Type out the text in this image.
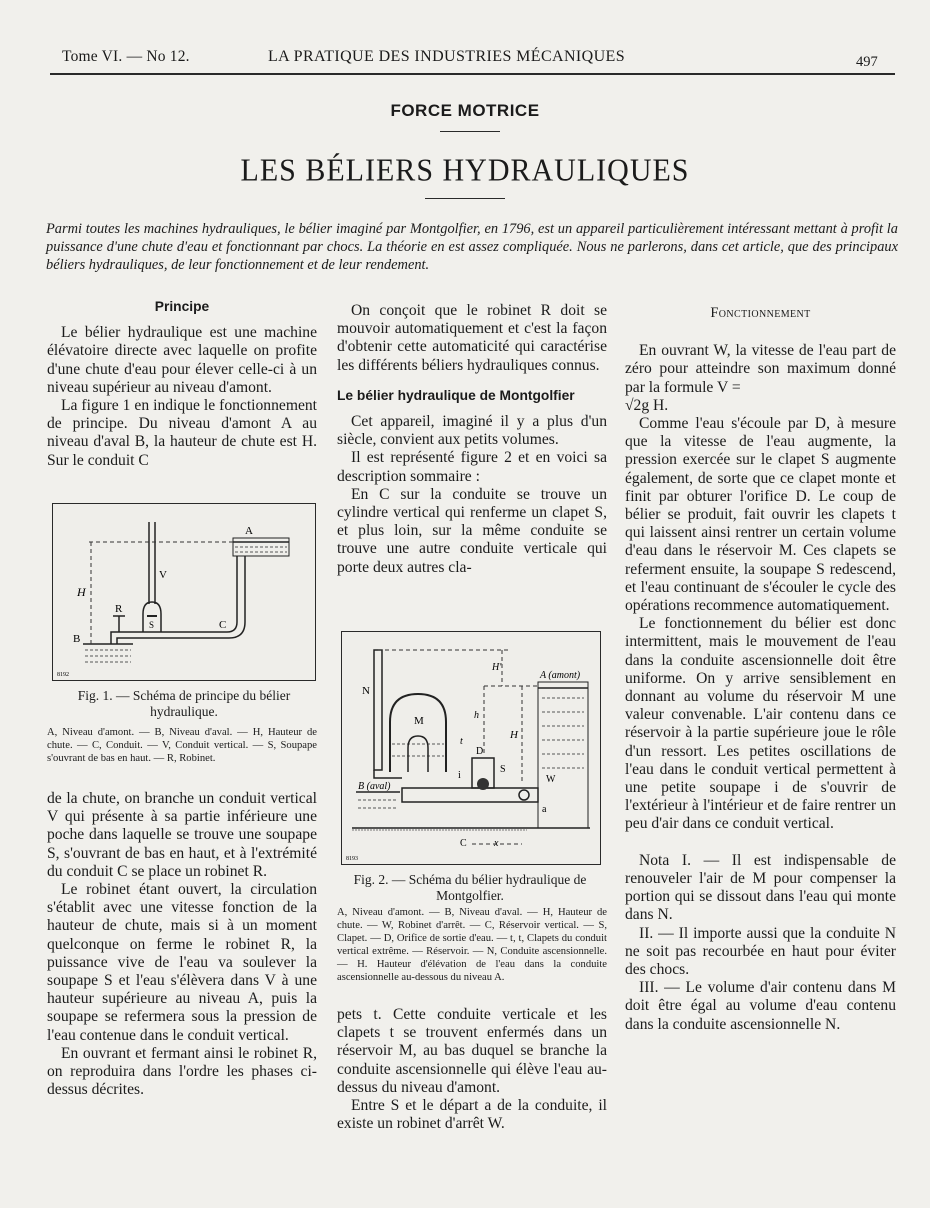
Tome VI. — No 12.	LA PRATIQUE DES INDUSTRIES MÉCANIQUES	497
FORCE MOTRICE
LES BÉLIERS HYDRAULIQUES
Parmi toutes les machines hydrauliques, le bélier imaginé par Montgolfier, en 1796, est un appareil particulièrement intéressant mettant à profit la puissance d'une chute d'eau et fonctionnant par chocs. La théorie en est assez compliquée. Nous ne parlerons, dans cet article, que des principaux béliers hydrauliques, de leur fonctionnement et de leur rendement.
Principe

Le bélier hydraulique est une machine élévatoire directe avec laquelle on profite d'une chute d'eau pour élever celle-ci à un niveau supérieur au niveau d'amont.

La figure 1 en indique le fonctionnement de principe. Du niveau d'amont A au niveau d'aval B, la hauteur de chute est H. Sur le conduit C

H
A
B
C
V
R
S
8192
Fig. 1. — Schéma de principe du bélier hydraulique.
A, Niveau d'amont. — B, Niveau d'aval. — H, Hauteur de chute. — C, Conduit. — V, Conduit vertical. — S, Soupape s'ouvrant de bas en haut. — R, Robinet.

de la chute, on branche un conduit vertical V qui présente à sa partie inférieure une poche dans laquelle se trouve une soupape S, s'ouvrant de bas en haut, et à l'extrémité du conduit C se place un robinet R.

Le robinet étant ouvert, la circulation s'établit avec une vitesse fonction de la hauteur de chute, mais si à un moment quelconque on ferme le robinet R, la puissance vive de l'eau va soulever la soupape S et l'eau s'élèvera dans V à une hauteur supérieure au niveau A, puis la soupape se refermera sous la pression de l'eau contenue dans le conduit vertical.

En ouvrant et fermant ainsi le robinet R, on reproduira dans l'ordre les phases ci-dessus décrites.

On conçoit que le robinet R doit se mouvoir automatiquement et c'est la façon d'obtenir cette automaticité qui caractérise les différents béliers hydrauliques connus.

Le bélier hydraulique de Montgolfier

Cet appareil, imaginé il y a plus d'un siècle, convient aux petits volumes.

Il est représenté figure 2 et en voici sa description sommaire :

En C sur la conduite se trouve un cylindre vertical qui renferme un clapet S, et plus loin, sur la même conduite se trouve une autre conduite verticale qui porte deux autres cla-

N
M
A (amont)
B (aval)
H
H'
h
i
D
S
W
C
a
t
x
8193
Fig. 2. — Schéma du bélier hydraulique de Montgolfier.
A, Niveau d'amont. — B, Niveau d'aval. — H, Hauteur de chute. — W, Robinet d'arrêt. — C, Réservoir vertical. — S, Clapet. — D, Orifice de sortie d'eau. — t, t, Clapets du conduit vertical extrême. — Réservoir. — N, Conduite ascensionnelle. — H. Hauteur d'élévation de l'eau dans la conduite ascensionnelle au-dessous du niveau A.

pets t. Cette conduite verticale et les clapets t se trouvent enfermés dans un réservoir M, au bas duquel se branche la conduite ascensionnelle qui élève l'eau au-dessus du niveau d'amont.

Entre S et le départ a de la conduite, il existe un robinet d'arrêt W.

Fonctionnement

En ouvrant W, la vitesse de l'eau part de zéro pour atteindre son maximum donné par la formule V =

√2g H.

Comme l'eau s'écoule par D, à mesure que la vitesse de l'eau augmente, la pression exercée sur le clapet S augmente également, de sorte que ce clapet monte et finit par obturer l'orifice D. Le coup de bélier se produit, fait ouvrir les clapets t qui laissent ainsi rentrer un certain volume d'eau dans le réservoir M. Ces clapets se referment ensuite, la soupape S redescend, et l'eau continuant de s'écouler le cycle des opérations recommence automatiquement.

Le fonctionnement du bélier est donc intermittent, mais le mouvement de l'eau dans la conduite ascensionnelle doit être uniforme. On y arrive sensiblement en donnant au volume du réservoir M une valeur convenable. L'air contenu dans ce réservoir à la partie supérieure joue le rôle d'un ressort. Les petites oscillations de l'eau dans le conduit vertical permettent à une petite soupape i de s'ouvrir de l'extérieur à l'intérieur et de faire rentrer un peu d'air dans ce conduit vertical.

Nota I. — Il est indispensable de renouveler l'air de M pour compenser la portion qui se dissout dans l'eau qui monte dans N.

II. — Il importe aussi que la conduite N ne soit pas recourbée en haut pour éviter des chocs.

III. — Le volume d'air contenu dans M doit être égal au volume d'eau contenu dans la conduite ascensionnelle N.
